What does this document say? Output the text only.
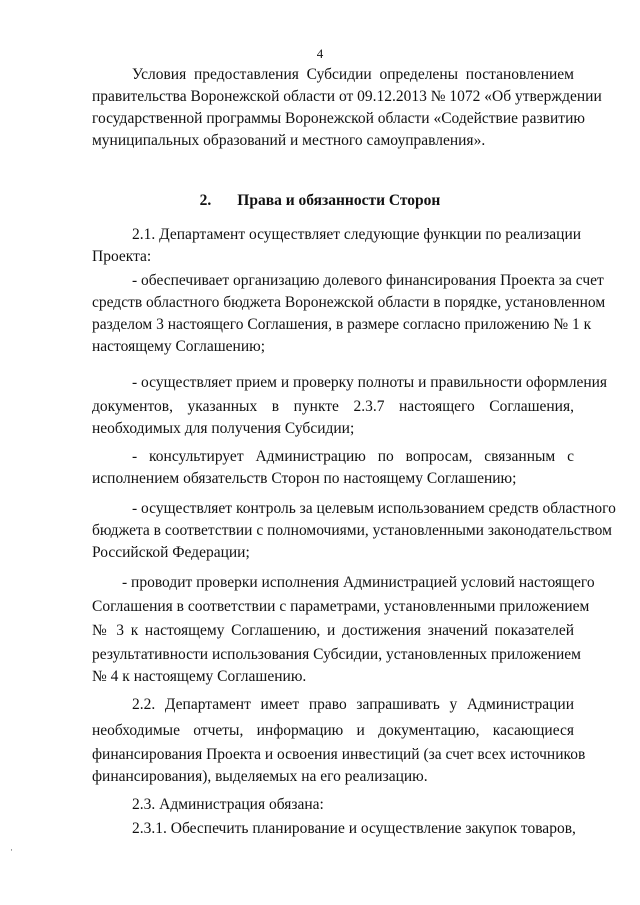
4
Условия предоставления Субсидии определены постановлением
правительства Воронежской области от 09.12.2013 № 1072 «Об утверждении
государственной программы Воронежской области «Содействие развитию
муниципальных образований и местного самоуправления».
2. Права и обязанности Сторон
2.1. Департамент осуществляет следующие функции по реализации
Проекта:
- обеспечивает организацию долевого финансирования Проекта за счет
средств областного бюджета Воронежской области в порядке, установленном
разделом 3 настоящего Соглашения, в размере согласно приложению № 1 к
настоящему Соглашению;
- осуществляет прием и проверку полноты и правильности оформления
документов, указанных в пункте 2.3.7 настоящего Соглашения,
необходимых для получения Субсидии;
- консультирует Администрацию по вопросам, связанным с
исполнением обязательств Сторон по настоящему Соглашению;
- осуществляет контроль за целевым использованием средств областного
бюджета в соответствии с полномочиями, установленными законодательством
Российской Федерации;
- проводит проверки исполнения Администрацией условий настоящего
Соглашения в соответствии с параметрами, установленными приложением
№ 3 к настоящему Соглашению, и достижения значений показателей
результативности использования Субсидии, установленных приложением
№ 4 к настоящему Соглашению.
2.2. Департамент имеет право запрашивать у Администрации
необходимые отчеты, информацию и документацию, касающиеся
финансирования Проекта и освоения инвестиций (за счет всех источников
финансирования), выделяемых на его реализацию.
2.3. Администрация обязана:
2.3.1. Обеспечить планирование и осуществление закупок товаров,
·
